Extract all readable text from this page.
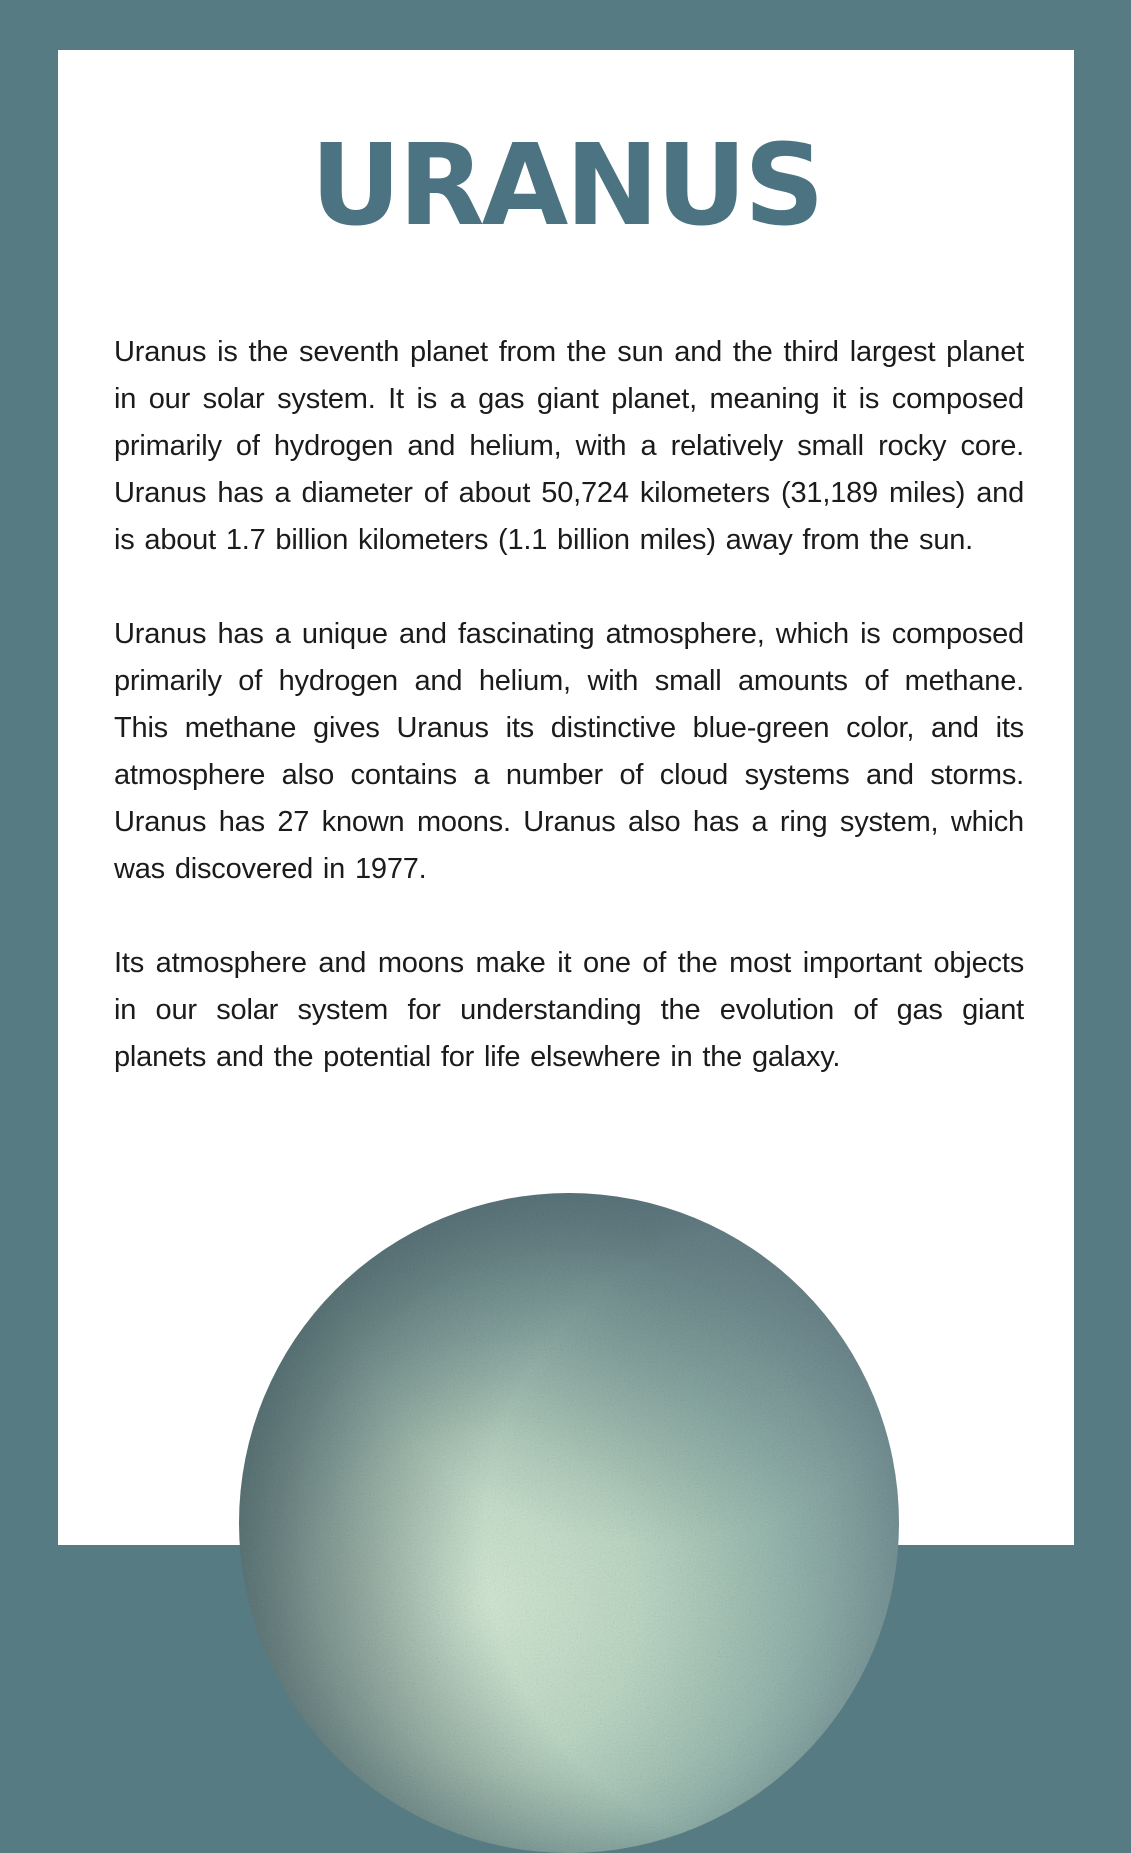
URANUS

Uranus is the seventh planet from the sun and the third largest planet in our solar system. It is a gas giant planet, meaning it is composed primarily of hydrogen and helium, with a relatively small rocky core. Uranus has a diameter of about 50,724 kilometers (31,189 miles) and is about 1.7 billion kilometers (1.1 billion miles) away from the sun.

Uranus has a unique and fascinating atmosphere, which is composed primarily of hydrogen and helium, with small amounts of methane. This methane gives Uranus its distinctive blue-green color, and its atmosphere also contains a number of cloud systems and storms. Uranus has 27 known moons. Uranus also has a ring system, which was discovered in 1977.

Its atmosphere and moons make it one of the most important objects in our solar system for understanding the evolution of gas giant planets and the potential for life elsewhere in the galaxy.
